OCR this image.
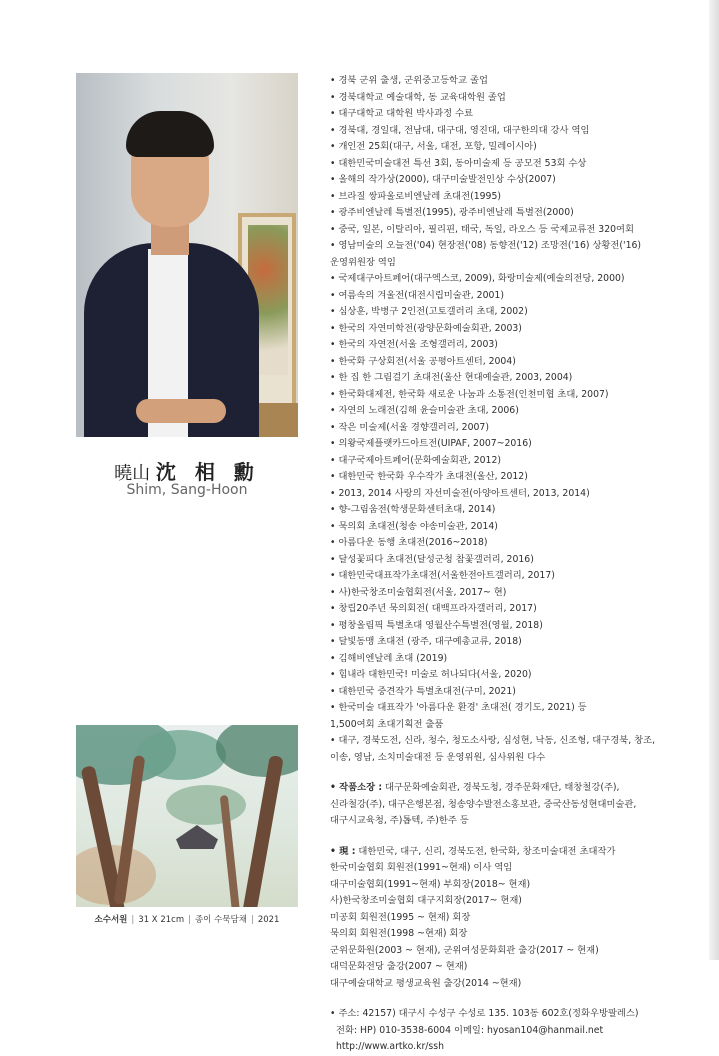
曉山 沈 相 勳
Shim, Sang-Hoon

• 경북 군위 출생, 군위중고등학교 졸업

• 경북대학교 예술대학, 동 교육대학원 졸업

• 대구대학교 대학원 박사과정 수료

• 경북대, 경일대, 전남대, 대구대, 영진대, 대구한의대 강사 역임

• 개인전 25회(대구, 서울, 대전, 포항, 밀레이시아)

• 대한민국미술대전 특선 3회, 동아미술제 등 공모전 53회 수상

• 올해의 작가상(2000), 대구미술발전인상 수상(2007)

• 브라질 쌍파울로비엔날레 초대전(1995)

• 광주비엔날레 특별전(1995), 광주비엔날레 특별전(2000)

• 중국, 일본, 이탈리아, 필리핀, 태국, 독일, 라오스 등 국제교류전 320여회

• 영남미술의 오늘전('04) 현장전('08) 동향전('12) 조망전('16) 상황전('16)

운영위원장 역임

• 국제대구아트페어(대구엑스코, 2009), 화랑미술제(예술의전당, 2000)

• 여름속의 겨울전(대전시립미술관, 2001)

• 심상훈, 박병구 2인전(고토갤러리 초대, 2002)

• 한국의 자연미학전(광양문화예술회관, 2003)

• 한국의 자연전(서울 조형갤러리, 2003)

• 한국화 구상회전(서울 공평아트센터, 2004)

• 한 집 한 그림걸기 초대전(울산 현대예술관, 2003, 2004)

• 한국화대제전, 한국화 새로운 나눔과 소통전(인천미협 초대, 2007)

• 자연의 노래전(김해 윤슬미술관 초대, 2006)

• 작은 미술제(서울 경향갤러리, 2007)

• 의왕국제플랫카드아트전(UIPAF, 2007~2016)

• 대구국제아트페어(문화예술회관, 2012)

• 대한민국 한국화 우수작가 초대전(울산, 2012)

• 2013, 2014 사랑의 자선미술전(아양아트센터, 2013, 2014)

• 향-그림움전(학생문화센터초대, 2014)

• 묵의회 초대전(청송 야송미술관, 2014)

• 아름다운 동행 초대전(2016~2018)

• 달성꽃피다 초대전(달성군청 참꽃갤러리, 2016)

• 대한민국대표작가초대전(서울한전아트갤러리, 2017)

• 사)한국창조미술협회전(서울, 2017~ 현)

• 창립20주년 묵의회전( 대백프라자갤러리, 2017)

• 평창올림픽 특별초대 영월산수특별전(영월, 2018)

• 달빛동맹 초대전 (광주, 대구예총교류, 2018)

• 김해비엔날레 초대 (2019)

• 힘내라 대한민국! 미술로 허나되다(서울, 2020)

• 대한민국 중견작가 특별초대전(구미, 2021)

• 한국미술 대표작가 '아름다운 환경' 초대전( 경기도, 2021) 등

1,500여회 초대기획전 출품

• 대구, 경북도전, 신라, 청수, 청도소사랑, 심성현, 낙동, 신조형, 대구경북, 창조,

이송, 영남, 소치미술대전 등 운영위원, 심사위원 다수

• 작품소장 : 대구문화예술회관, 경북도청, 경주문화재단, 태창철강(주),

신라철강(주), 대구은행본점, 청송양수발전소홍보관, 중국산동성현대미술관,

대구시교육청, 주)톱텍, 주)한주 등

• 現 : 대한민국, 대구, 신리, 경북도전, 한국화, 창조미술대전 초대작가

한국미술협회 회원전(1991~현재) 이사 역임

대구미술협회(1991~현재) 부회장(2018~ 현재)

사)한국창조미술협회 대구지회장(2017~ 현재)

미공회 회원전(1995 ~ 현재) 회장

묵의회 회원전(1998 ~현재) 회장

군위문화원(2003 ~ 현재), 군위여성문화회관 출강(2017 ~ 현재)

대덕문화전당 출강(2007 ~ 현재)

대구예술대학교 평생교육원 출강(2014 ~현재)

• 주소: 42157) 대구시 수성구 수성로 135. 103동 602호(정화우방팔레스)

전화: HP) 010-3538-6004 이메일: hyosan104@hanmail.net

http://www.artko.kr/ssh

소수서원 | 31 X 21cm | 종이 수묵담채 | 2021
